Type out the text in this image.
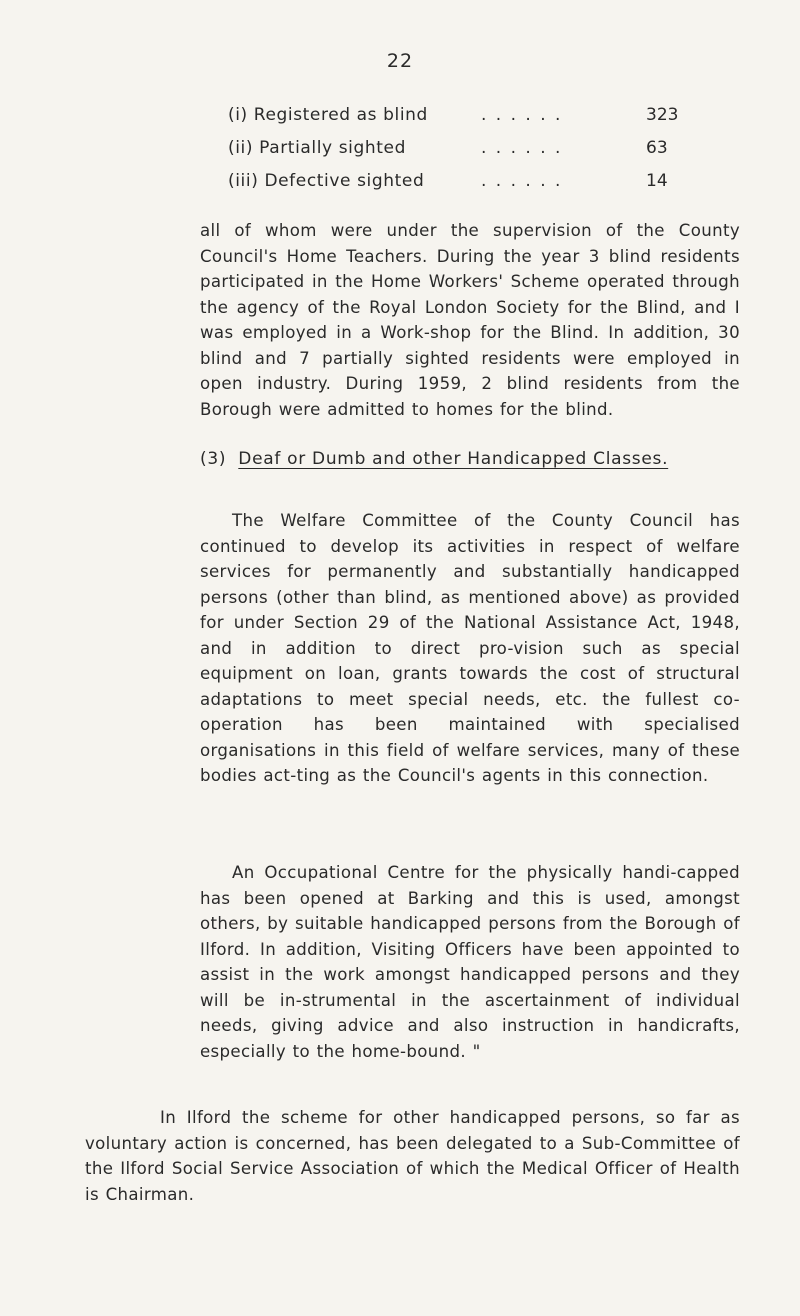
22
(i) Registered as blind	. . . . . .	323
(ii) Partially sighted	. . . . . .	63
(iii) Defective sighted	. . . . . .	14

all of whom were under the supervision of the County Council's Home Teachers. During the year 3 blind residents participated in the Home Workers' Scheme operated through the agency of the Royal London Society for the Blind, and I was employed in a Work-shop for the Blind. In addition, 30 blind and 7 partially sighted residents were employed in open industry. During 1959, 2 blind residents from the Borough were admitted to homes for the blind.

(3) Deaf or Dumb and other Handicapped Classes.

The Welfare Committee of the County Council has continued to develop its activities in respect of welfare services for permanently and substantially handicapped persons (other than blind, as mentioned above) as provided for under Section 29 of the National Assistance Act, 1948, and in addition to direct pro-vision such as special equipment on loan, grants towards the cost of structural adaptations to meet special needs, etc. the fullest co-operation has been maintained with specialised organisations in this field of welfare services, many of these bodies act-ting as the Council's agents in this connection.

An Occupational Centre for the physically handi-capped has been opened at Barking and this is used, amongst others, by suitable handicapped persons from the Borough of Ilford. In addition, Visiting Officers have been appointed to assist in the work amongst handicapped persons and they will be in-strumental in the ascertainment of individual needs, giving advice and also instruction in handicrafts, especially to the home-bound. "

In Ilford the scheme for other handicapped persons, so far as voluntary action is concerned, has been delegated to a Sub-Committee of the Ilford Social Service Association of which the Medical Officer of Health is Chairman.
